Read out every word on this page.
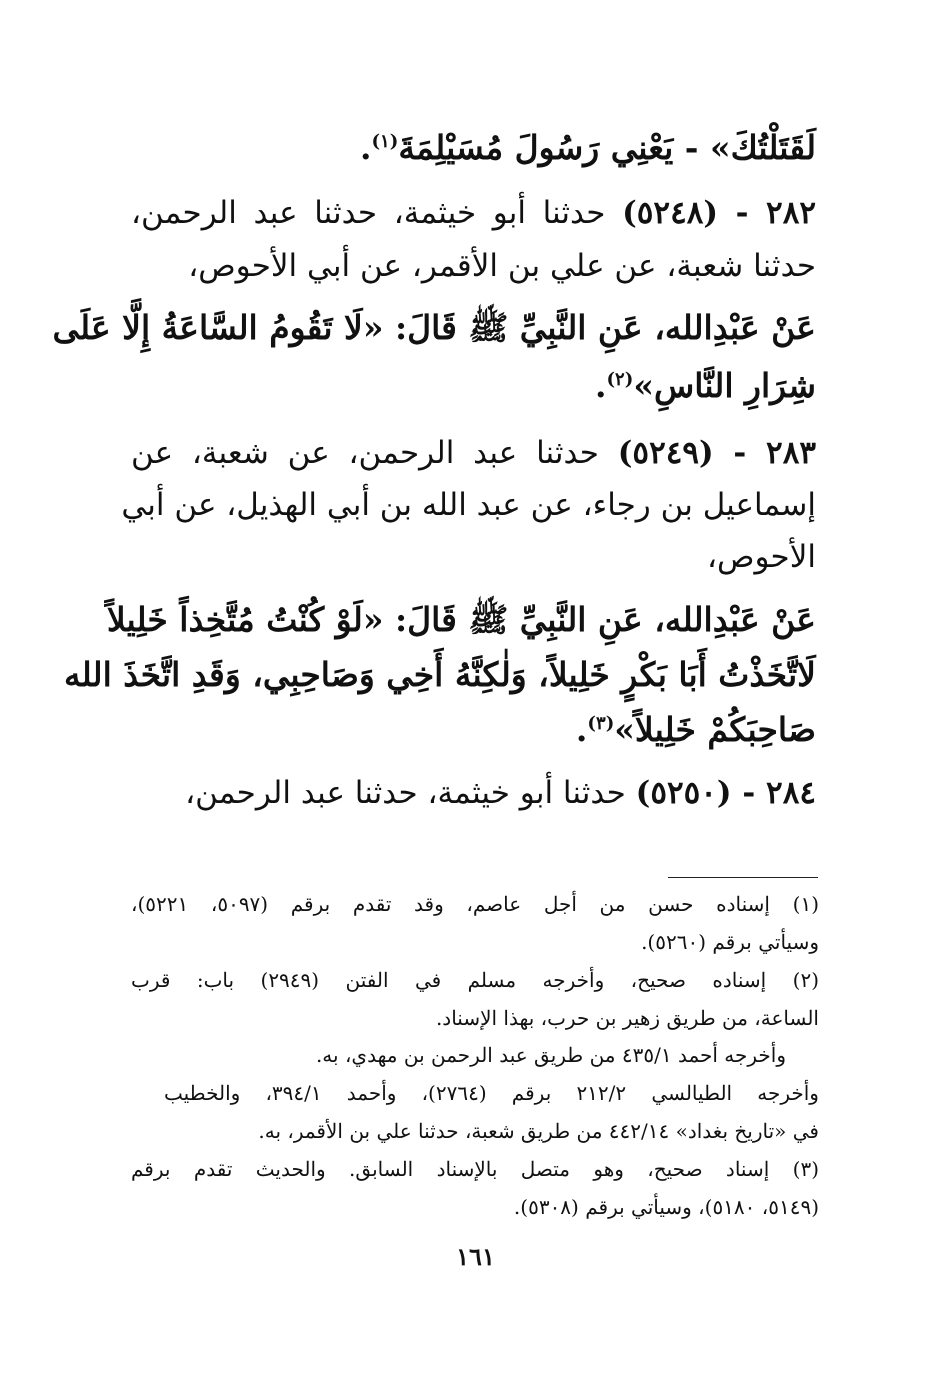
لَقَتَلْتُكَ» - يَعْنِي رَسُولَ مُسَيْلِمَةَ$^{(١)}$.
٢٨٢ - (٥٢٤٨) حدثنا أبو خيثمة، حدثنا عبد الرحمن،
حدثنا شعبة، عن علي بن الأقمر، عن أبي الأحوص،
عَنْ عَبْدِالله، عَنِ النَّبِيِّ ﷺ قَالَ: «لَا تَقُومُ السَّاعَةُ إِلَّا عَلَى
شِرَارِ النَّاسِ»$^{(٢)}$.
٢٨٣ - (٥٢٤٩) حدثنا عبد الرحمن، عن شعبة، عن
إسماعيل بن رجاء، عن عبد الله بن أبي الهذيل، عن أبي
الأحوص،
عَنْ عَبْدِالله، عَنِ النَّبِيِّ ﷺ قَالَ: «لَوْ كُنْتُ مُتَّخِذاً خَلِيلاً
لَاتَّخَذْتُ أَبَا بَكْرٍ خَلِيلاً، وَلٰكِنَّهُ أَخِي وَصَاحِبِي، وَقَدِ اتَّخَذَ الله
صَاحِبَكُمْ خَلِيلاً»$^{(٣)}$.
٢٨٤ - (٥٢٥٠) حدثنا أبو خيثمة، حدثنا عبد الرحمن،
(١) إسناده حسن من أجل عاصم، وقد تقدم برقم (٥٠٩٧، ٥٢٢١)،
وسيأتي برقم (٥٢٦٠).
(٢) إسناده صحيح، وأخرجه مسلم في الفتن (٢٩٤٩) باب: قرب
الساعة، من طريق زهير بن حرب، بهذا الإسناد.
وأخرجه أحمد ٤٣٥/١ من طريق عبد الرحمن بن مهدي، به.
وأخرجه الطيالسي ٢١٢/٢ برقم (٢٧٦٤)، وأحمد ٣٩٤/١، والخطيب
في «تاريخ بغداد» ٤٤٢/١٤ من طريق شعبة، حدثنا علي بن الأقمر، به.
(٣) إسناد صحيح، وهو متصل بالإسناد السابق. والحديث تقدم برقم
(٥١٤٩، ٥١٨٠)، وسيأتي برقم (٥٣٠٨).
١٦١
